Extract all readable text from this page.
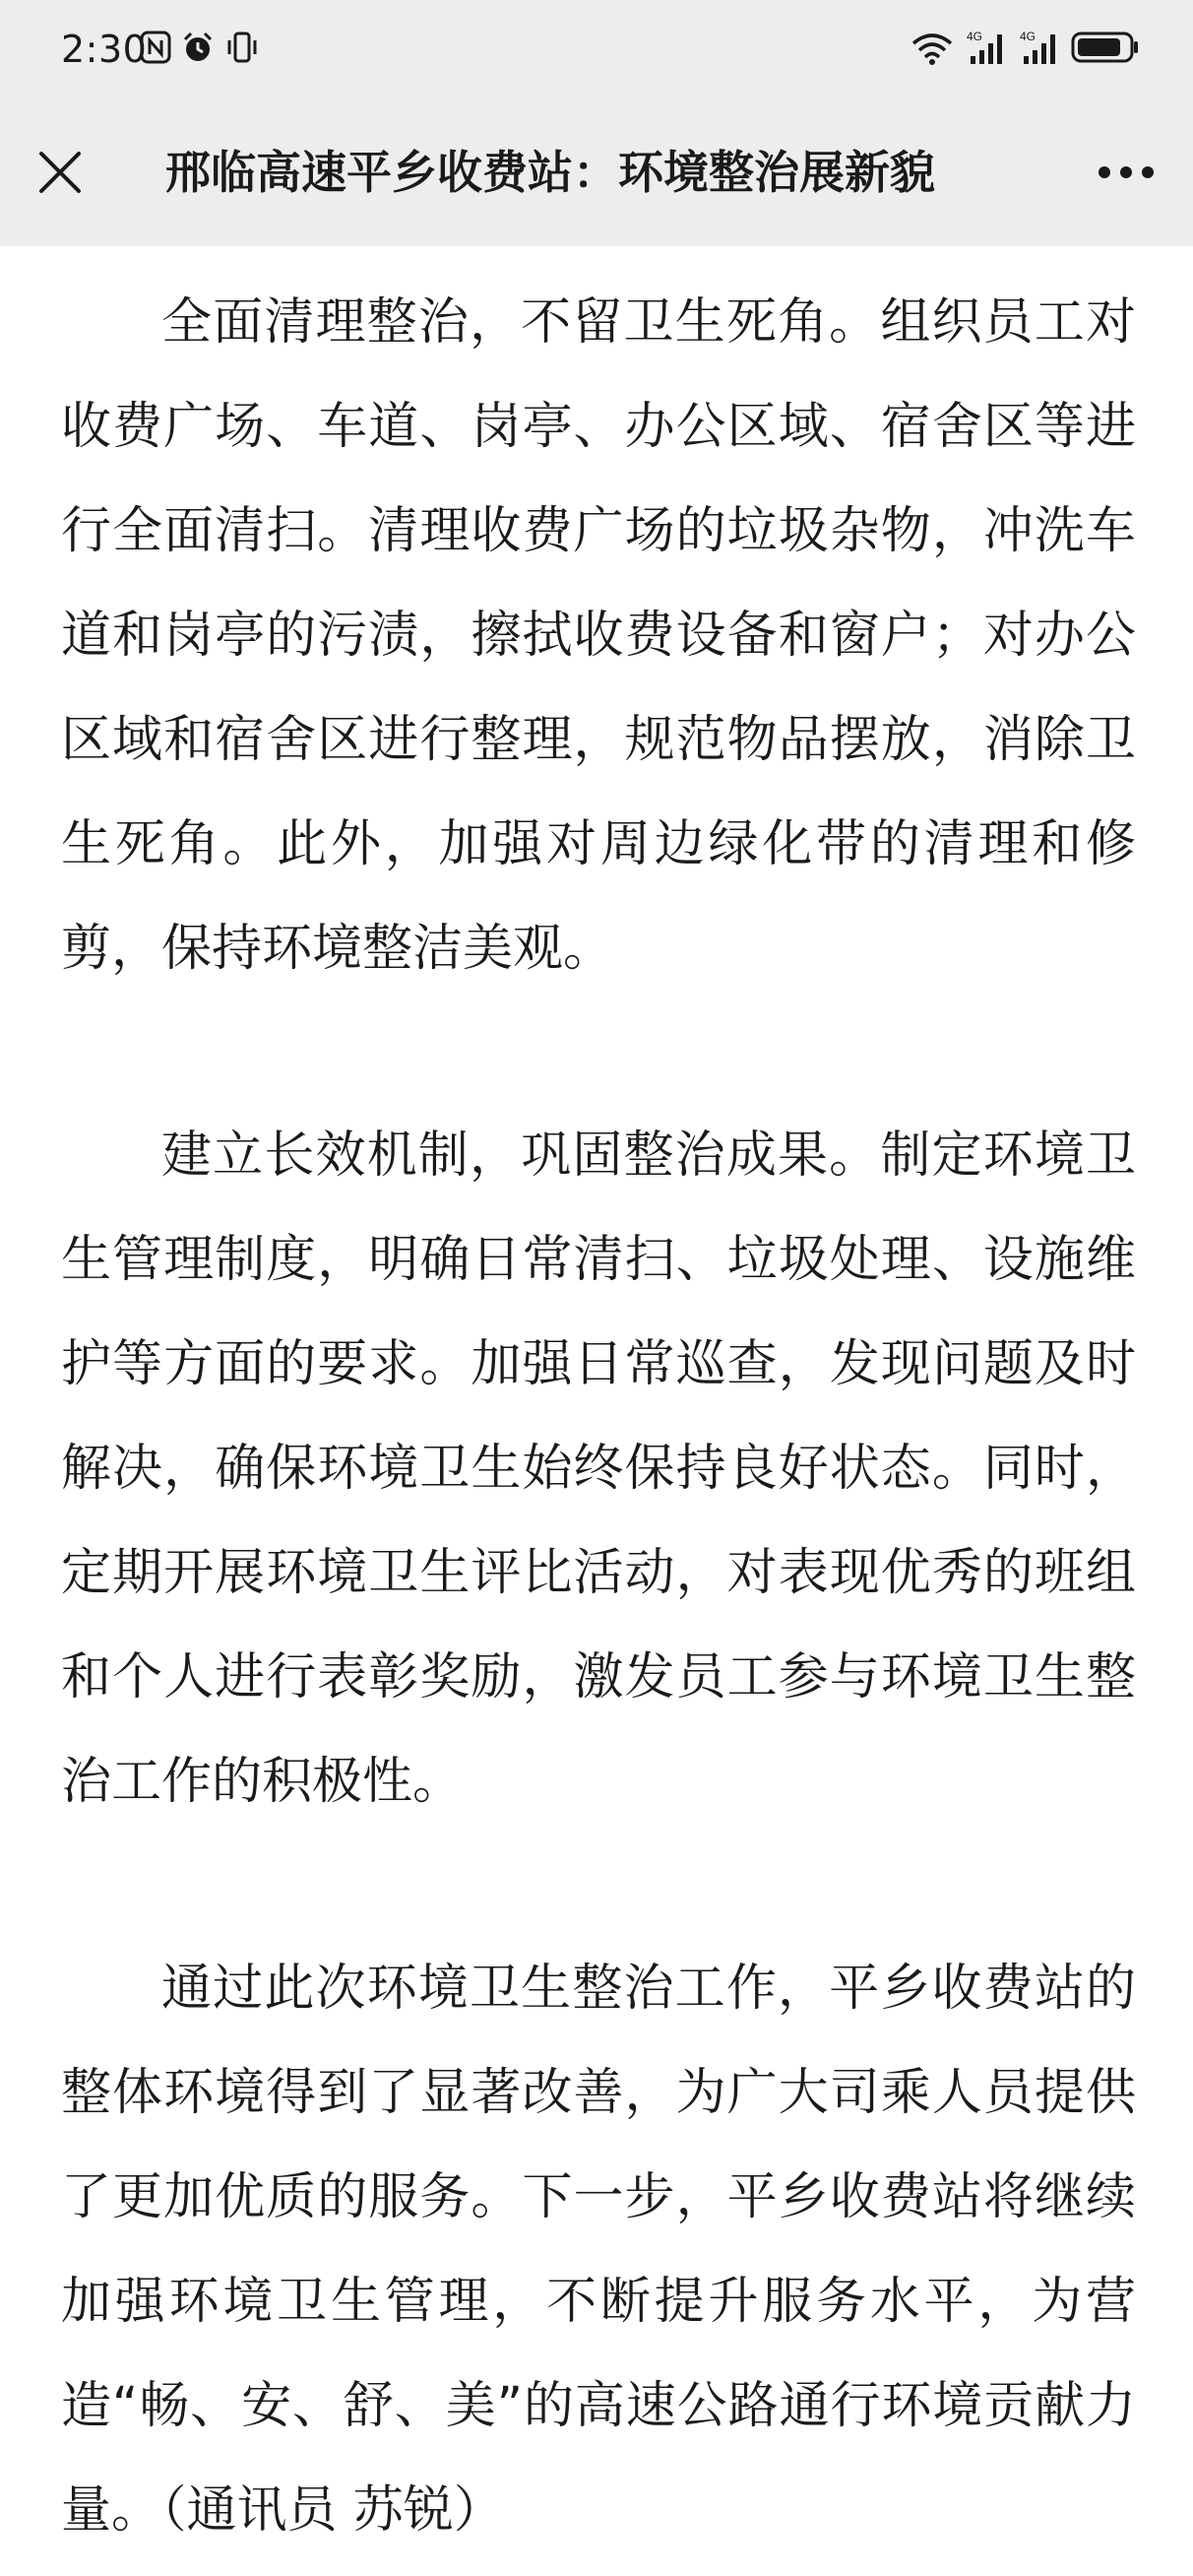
2:30	4G	4G
邢临高速平乡收费站：环境整治展新貌

全面清理整治，不留卫生死角。组织员工对收费广场、车道、岗亭、办公区域、宿舍区等进行全面清扫。清理收费广场的垃圾杂物，冲洗车道和岗亭的污渍，擦拭收费设备和窗户；对办公区域和宿舍区进行整理，规范物品摆放，消除卫生死角。此外，加强对周边绿化带的清理和修剪，保持环境整洁美观。

建立长效机制，巩固整治成果。制定环境卫生管理制度，明确日常清扫、垃圾处理、设施维护等方面的要求。加强日常巡查，发现问题及时解决，确保环境卫生始终保持良好状态。同时，定期开展环境卫生评比活动，对表现优秀的班组和个人进行表彰奖励，激发员工参与环境卫生整治工作的积极性。

通过此次环境卫生整治工作，平乡收费站的整体环境得到了显著改善，为广大司乘人员提供了更加优质的服务。下一步，平乡收费站将继续加强环境卫生管理，不断提升服务水平，为营造“畅、安、舒、美”的高速公路通行环境贡献力量。（通讯员 苏锐）
